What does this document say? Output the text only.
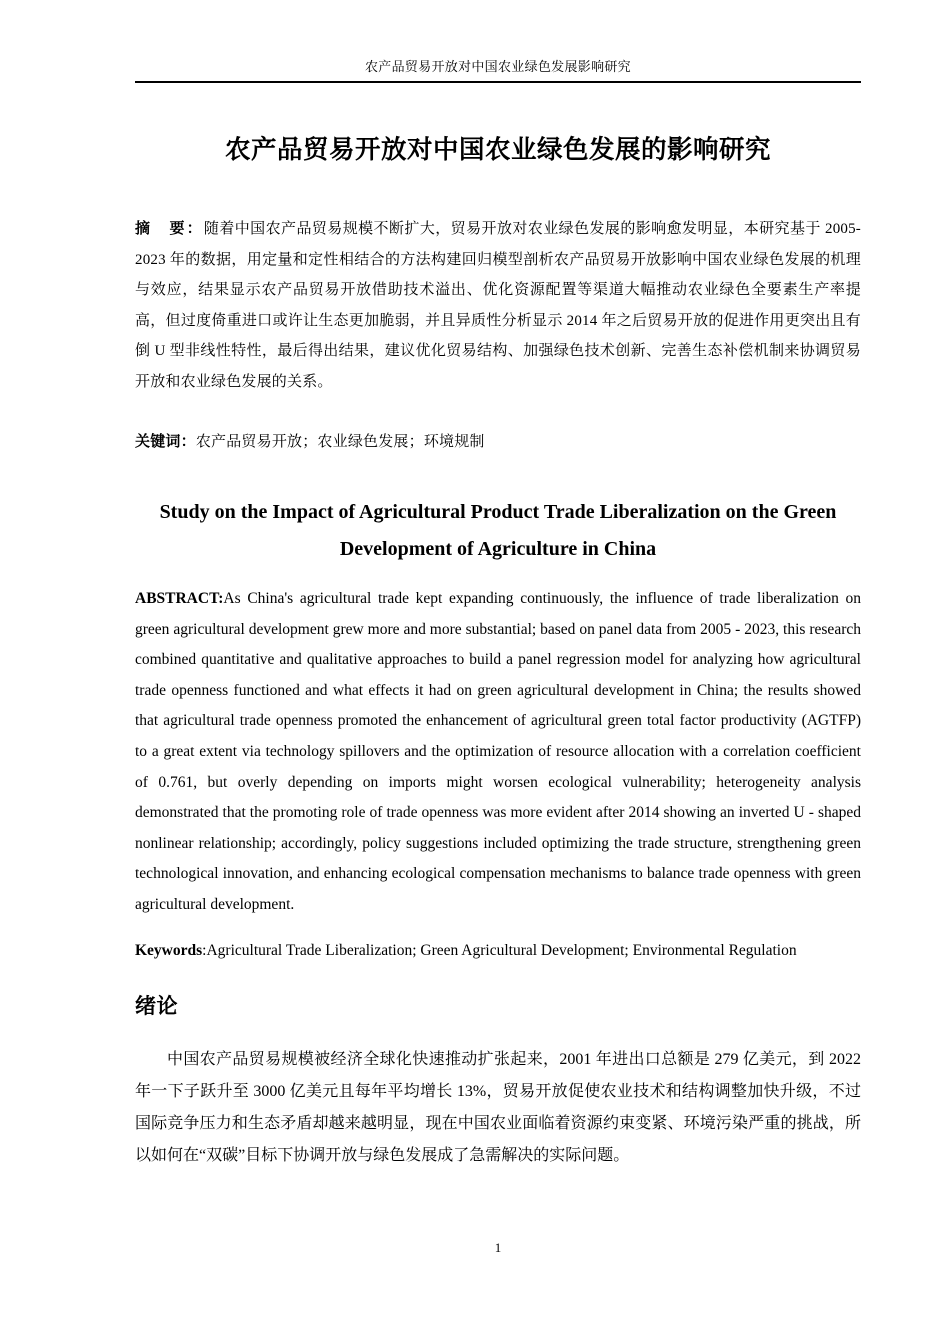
农产品贸易开放对中国农业绿色发展影响研究
农产品贸易开放对中国农业绿色发展的影响研究

摘　要：随着中国农产品贸易规模不断扩大，贸易开放对农业绿色发展的影响愈发明显，本研究基于 2005-2023 年的数据，用定量和定性相结合的方法构建回归模型剖析农产品贸易开放影响中国农业绿色发展的机理与效应，结果显示农产品贸易开放借助技术溢出、优化资源配置等渠道大幅推动农业绿色全要素生产率提高，但过度倚重进口或许让生态更加脆弱，并且异质性分析显示 2014 年之后贸易开放的促进作用更突出且有倒 U 型非线性特性，最后得出结果，建议优化贸易结构、加强绿色技术创新、完善生态补偿机制来协调贸易开放和农业绿色发展的关系。

关键词：农产品贸易开放；农业绿色发展；环境规制

Study on the Impact of Agricultural Product Trade Liberalization on the Green Development of Agriculture in China

ABSTRACT:As China's agricultural trade kept expanding continuously, the influence of trade liberalization on green agricultural development grew more and more substantial; based on panel data from 2005 - 2023, this research combined quantitative and qualitative approaches to build a panel regression model for analyzing how agricultural trade openness functioned and what effects it had on green agricultural development in China; the results showed that agricultural trade openness promoted the enhancement of agricultural green total factor productivity (AGTFP) to a great extent via technology spillovers and the optimization of resource allocation with a correlation coefficient of 0.761, but overly depending on imports might worsen ecological vulnerability; heterogeneity analysis demonstrated that the promoting role of trade openness was more evident after 2014 showing an inverted U - shaped nonlinear relationship; accordingly, policy suggestions included optimizing the trade structure, strengthening green technological innovation, and enhancing ecological compensation mechanisms to balance trade openness with green agricultural development.

Keywords:Agricultural Trade Liberalization; Green Agricultural Development; Environmental Regulation

绪论

中国农产品贸易规模被经济全球化快速推动扩张起来，2001 年进出口总额是 279 亿美元，到 2022 年一下子跃升至 3000 亿美元且每年平均增长 13%，贸易开放促使农业技术和结构调整加快升级，不过国际竞争压力和生态矛盾却越来越明显，现在中国农业面临着资源约束变紧、环境污染严重的挑战，所以如何在“双碳”目标下协调开放与绿色发展成了急需解决的实际问题。

1
